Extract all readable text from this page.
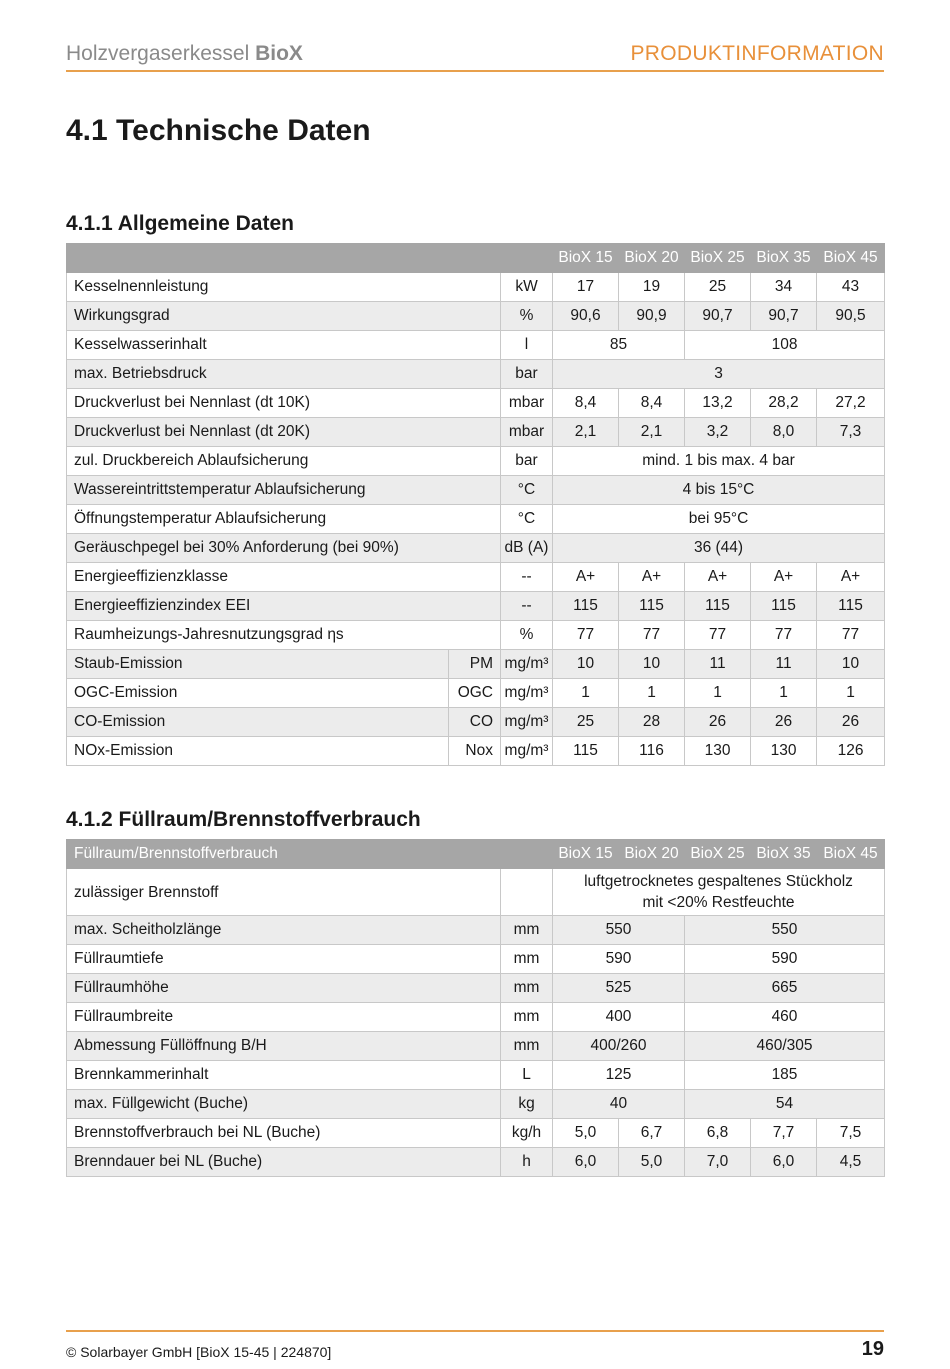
Holzvergaserkessel BioX	PRODUKTINFORMATION
4.1 Technische Daten
4.1.1 Allgemeine Daten
			BioX 15	BioX 20	BioX 25	BioX 35	BioX 45
Kesselnennleistung		kW	17	19	25	34	43
Wirkungsgrad		%	90,6	90,9	90,7	90,7	90,5
Kesselwasserinhalt		l	85		108		
max. Betriebsdruck		bar	3				
Druckverlust bei Nennlast (dt 10K)		mbar	8,4	8,4	13,2	28,2	27,2
Druckverlust bei Nennlast (dt 20K)		mbar	2,1	2,1	3,2	8,0	7,3
zul. Druckbereich Ablaufsicherung		bar	mind. 1 bis max. 4 bar				
Wassereintrittstemperatur Ablaufsicherung		°C	4 bis 15°C				
Öffnungstemperatur Ablaufsicherung		°C	bei 95°C				
Geräuschpegel bei 30% Anforderung (bei 90%)		dB (A)	36 (44)				
Energieeffizienzklasse		--	A+	A+	A+	A+	A+
Energieeffizienzindex EEI		--	115	115	115	115	115
Raumheizungs-Jahresnutzungsgrad ηs		%	77	77	77	77	77
Staub-Emission	PM	mg/m³	10	10	11	11	10
OGC-Emission	OGC	mg/m³	1	1	1	1	1
CO-Emission	CO	mg/m³	25	28	26	26	26
NOx-Emission	Nox	mg/m³	115	116	130	130	126
4.1.2 Füllraum/Brennstoffverbrauch
Füllraum/Brennstoffverbrauch		BioX 15	BioX 20	BioX 25	BioX 35	BioX 45
zulässiger Brennstoff		luftgetrocknetes gespaltenes Stückholz
mit <20% Restfeuchte				

max. Scheitholzlänge	mm	550		550		
Füllraumtiefe	mm	590		590		
Füllraumhöhe	mm	525		665		
Füllraumbreite	mm	400		460		
Abmessung Füllöffnung B/H	mm	400/260		460/305		
Brennkammerinhalt	L	125		185		
max. Füllgewicht (Buche)	kg	40		54		
Brennstoffverbrauch bei NL (Buche)	kg/h	5,0	6,7	6,8	7,7	7,5
Brenndauer bei NL (Buche)	h	6,0	5,0	7,0	6,0	4,5
© Solarbayer GmbH [BioX 15-45 | 224870]	19
